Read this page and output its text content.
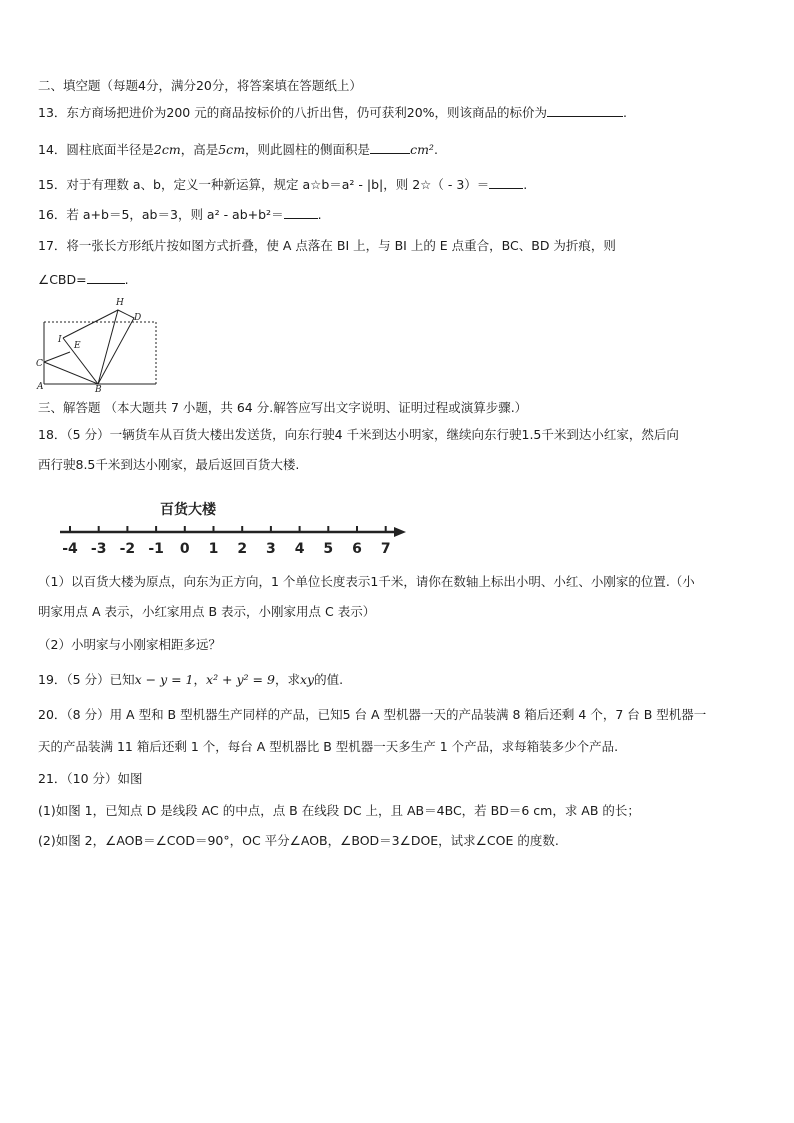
二、填空题（每题4分，满分20分，将答案填在答题纸上）
13．东方商场把进价为200 元的商品按标价的八折出售，仍可获利20%，则该商品的标价为	.
14．圆柱底面半径是2cm，高是5cm，则此圆柱的侧面积是	cm².
15．对于有理数 a、b，定义一种新运算，规定 a☆b＝a² - |b|，则 2☆（ - 3）＝	.
16．若 a+b＝5，ab＝3，则 a² - ab+b²＝	.
17．将一张长方形纸片按如图方式折叠，使 A 点落在 BI 上，与 BI 上的 E 点重合，BC、BD 为折痕，则
∠CBD=	.
H
D
I
E
C
A	B
三、解答题 （本大题共 7 小题，共 64 分.解答应写出文字说明、证明过程或演算步骤.）
18．（5 分）一辆货车从百货大楼出发送货，向东行驶4 千米到达小明家，继续向东行驶1.5千米到达小红家，然后向
西行驶8.5千米到达小刚家，最后返回百货大楼.
百货大楼
-4 -3 -2 -1 0 1 2 3 4 5 6 7
（1）以百货大楼为原点，向东为正方向，1 个单位长度表示1千米，请你在数轴上标出小明、小红、小刚家的位置.（小
明家用点 A 表示，小红家用点 B 表示，小刚家用点 C 表示）
（2）小明家与小刚家相距多远？
19．（5 分）已知x − y = 1，x² + y² = 9，求xy的值.
20．（8 分）用 A 型和 B 型机器生产同样的产品，已知5 台 A 型机器一天的产品装满 8 箱后还剩 4 个，7 台 B 型机器一
天的产品装满 11 箱后还剩 1 个，每台 A 型机器比 B 型机器一天多生产 1 个产品，求每箱装多少个产品.
21．（10 分）如图
(1)如图 1，已知点 D 是线段 AC 的中点，点 B 在线段 DC 上，且 AB＝4BC，若 BD＝6 cm，求 AB 的长；
(2)如图 2，∠AOB＝∠COD＝90°，OC 平分∠AOB，∠BOD＝3∠DOE，试求∠COE 的度数.
